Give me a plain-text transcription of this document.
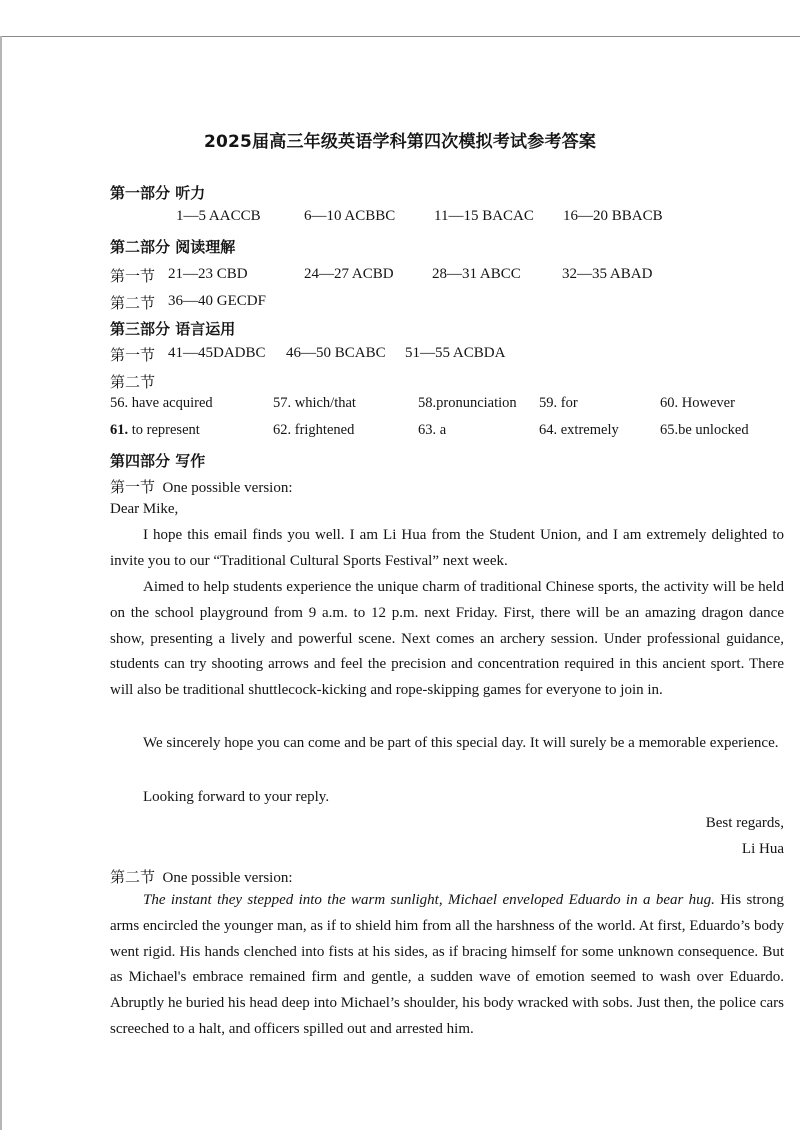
2025届高三年级英语学科第四次模拟考试参考答案
第一部分 听力
1—5 AACCB	6—10 ACBBC	11—15 BACAC 16—20 BBACB
第二部分 阅读理解
第一节 21—23 CBD	24—27 ACBD	28—31 ABCC	32—35 ABAD
第二节 36—40 GECDF
第三部分 语言运用
第一节 41—45DADBC 46—50 BCABC 51—55 ACBDA
第二节
56. have acquired	57. which/that	58.pronunciation 59. for	60. However
61. to represent	62. frightened	63. a	64. extremely	65.be unlocked
第四部分 写作
第一节 One possible version:
Dear Mike,

I hope this email finds you well. I am Li Hua from the Student Union, and I am extremely delighted to invite you to our “Traditional Cultural Sports Festival” next week.

Aimed to help students experience the unique charm of traditional Chinese sports, the activity will be held on the school playground from 9 a.m. to 12 p.m. next Friday. First, there will be an amazing dragon dance show, presenting a lively and powerful scene. Next comes an archery session. Under professional guidance, students can try shooting arrows and feel the precision and concentration required in this ancient sport. There will also be traditional shuttlecock-kicking and rope-skipping games for everyone to join in.

We sincerely hope you can come and be part of this special day. It will surely be a memorable experience.

Looking forward to your reply.
Best regards,
Li Hua
第二节 One possible version:

The instant they stepped into the warm sunlight, Michael enveloped Eduardo in a bear hug. His strong arms encircled the younger man, as if to shield him from all the harshness of the world. At first, Eduardo’s body went rigid. His hands clenched into fists at his sides, as if bracing himself for some unknown consequence. But as Michael's embrace remained firm and gentle, a sudden wave of emotion seemed to wash over Eduardo. Abruptly he buried his head deep into Michael’s shoulder, his body wracked with sobs. Just then, the police cars screeched to a halt, and officers spilled out and arrested him.
